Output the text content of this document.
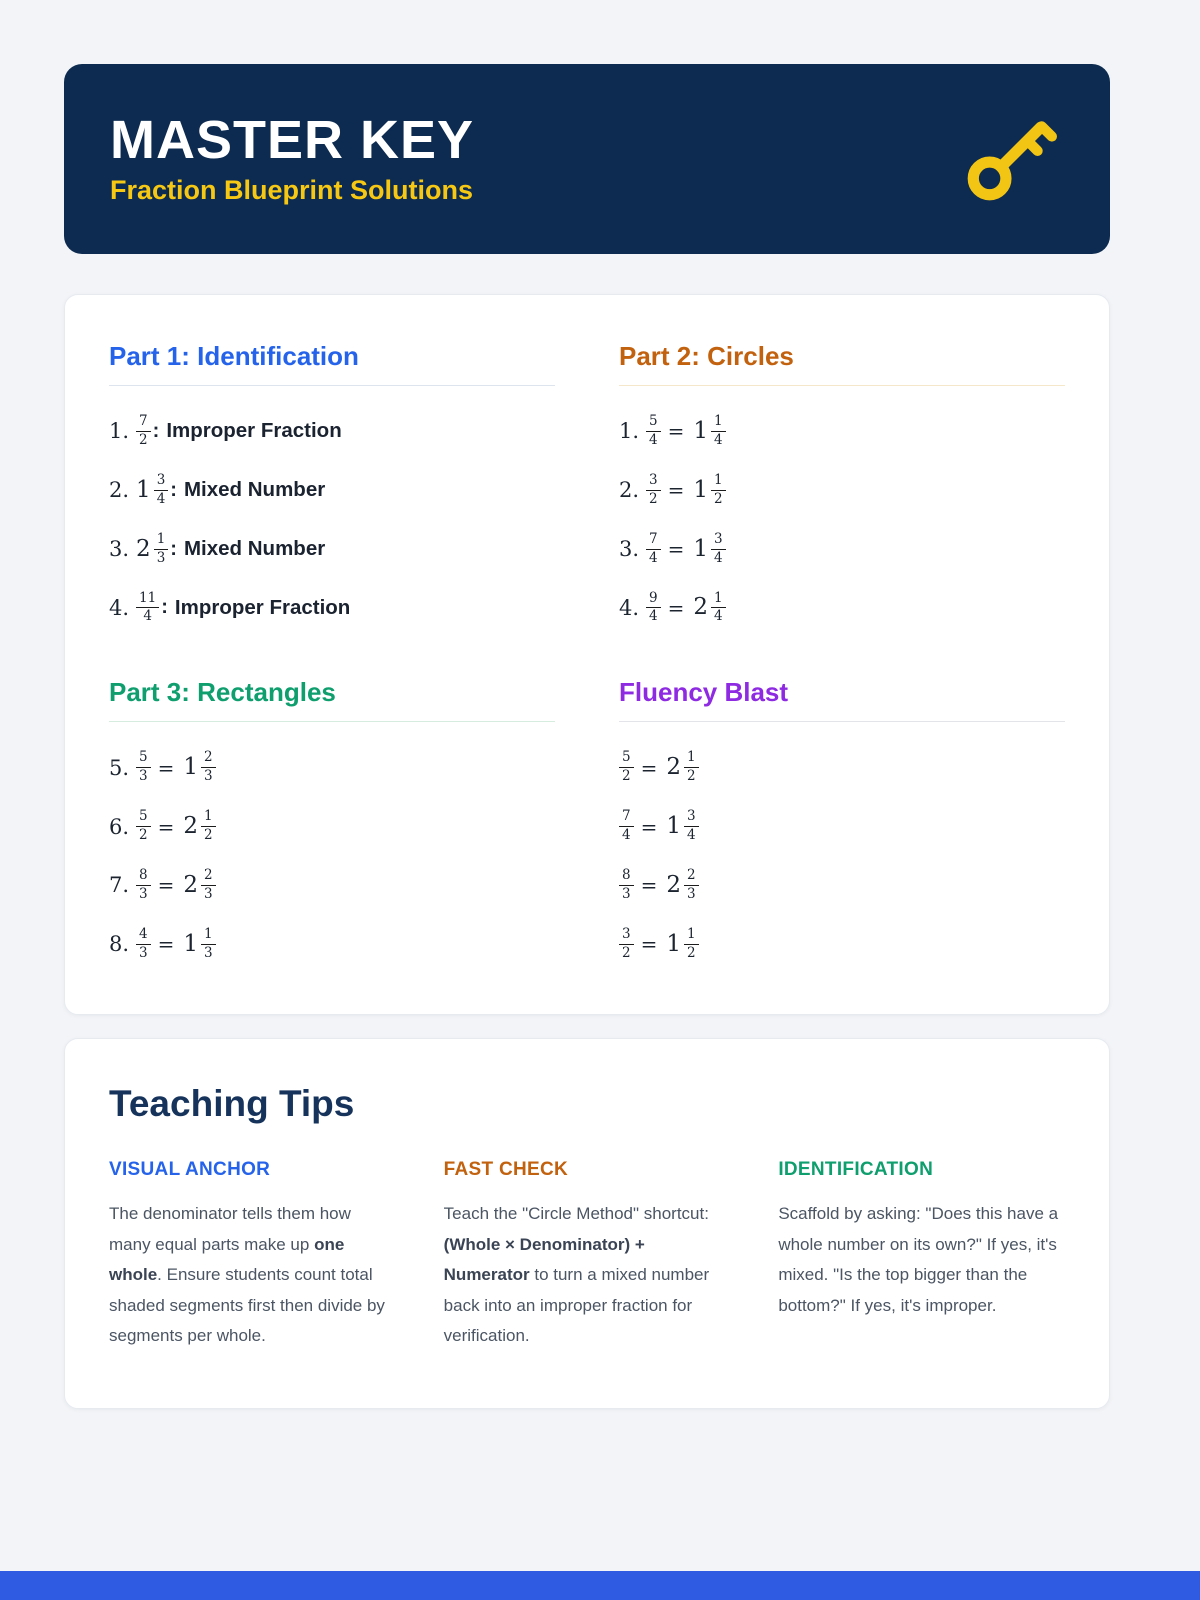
MASTER KEY
Fraction Blueprint Solutions
Part 1: Identification
1. $\frac{7}{2}$ : Improper Fraction
2. $1 \frac{3}{4}$ : Mixed Number
3. $2 \frac{1}{3}$ : Mixed Number
4. $\frac{11}{4}$ : Improper Fraction
Part 2: Circles
1. $\frac{5}{4} = 1 \frac{1}{4}$
2. $\frac{3}{2} = 1 \frac{1}{2}$
3. $\frac{7}{4} = 1 \frac{3}{4}$
4. $\frac{9}{4} = 2 \frac{1}{4}$
Part 3: Rectangles
5. $\frac{5}{3} = 1 \frac{2}{3}$
6. $\frac{5}{2} = 2 \frac{1}{2}$
7. $\frac{8}{3} = 2 \frac{2}{3}$
8. $\frac{4}{3} = 1 \frac{1}{3}$
Fluency Blast
$\frac{5}{2} = 2 \frac{1}{2}$
$\frac{7}{4} = 1 \frac{3}{4}$
$\frac{8}{3} = 2 \frac{2}{3}$
$\frac{3}{2} = 1 \frac{1}{2}$
Teaching Tips
VISUAL ANCHOR

The denominator tells them how many equal parts make up one whole. Ensure students count total shaded segments first then divide by segments per whole.

FAST CHECK

Teach the "Circle Method" shortcut: (Whole × Denominator) + Numerator to turn a mixed number back into an improper fraction for verification.

IDENTIFICATION

Scaffold by asking: "Does this have a whole number on its own?" If yes, it's mixed. "Is the top bigger than the bottom?" If yes, it's improper.
